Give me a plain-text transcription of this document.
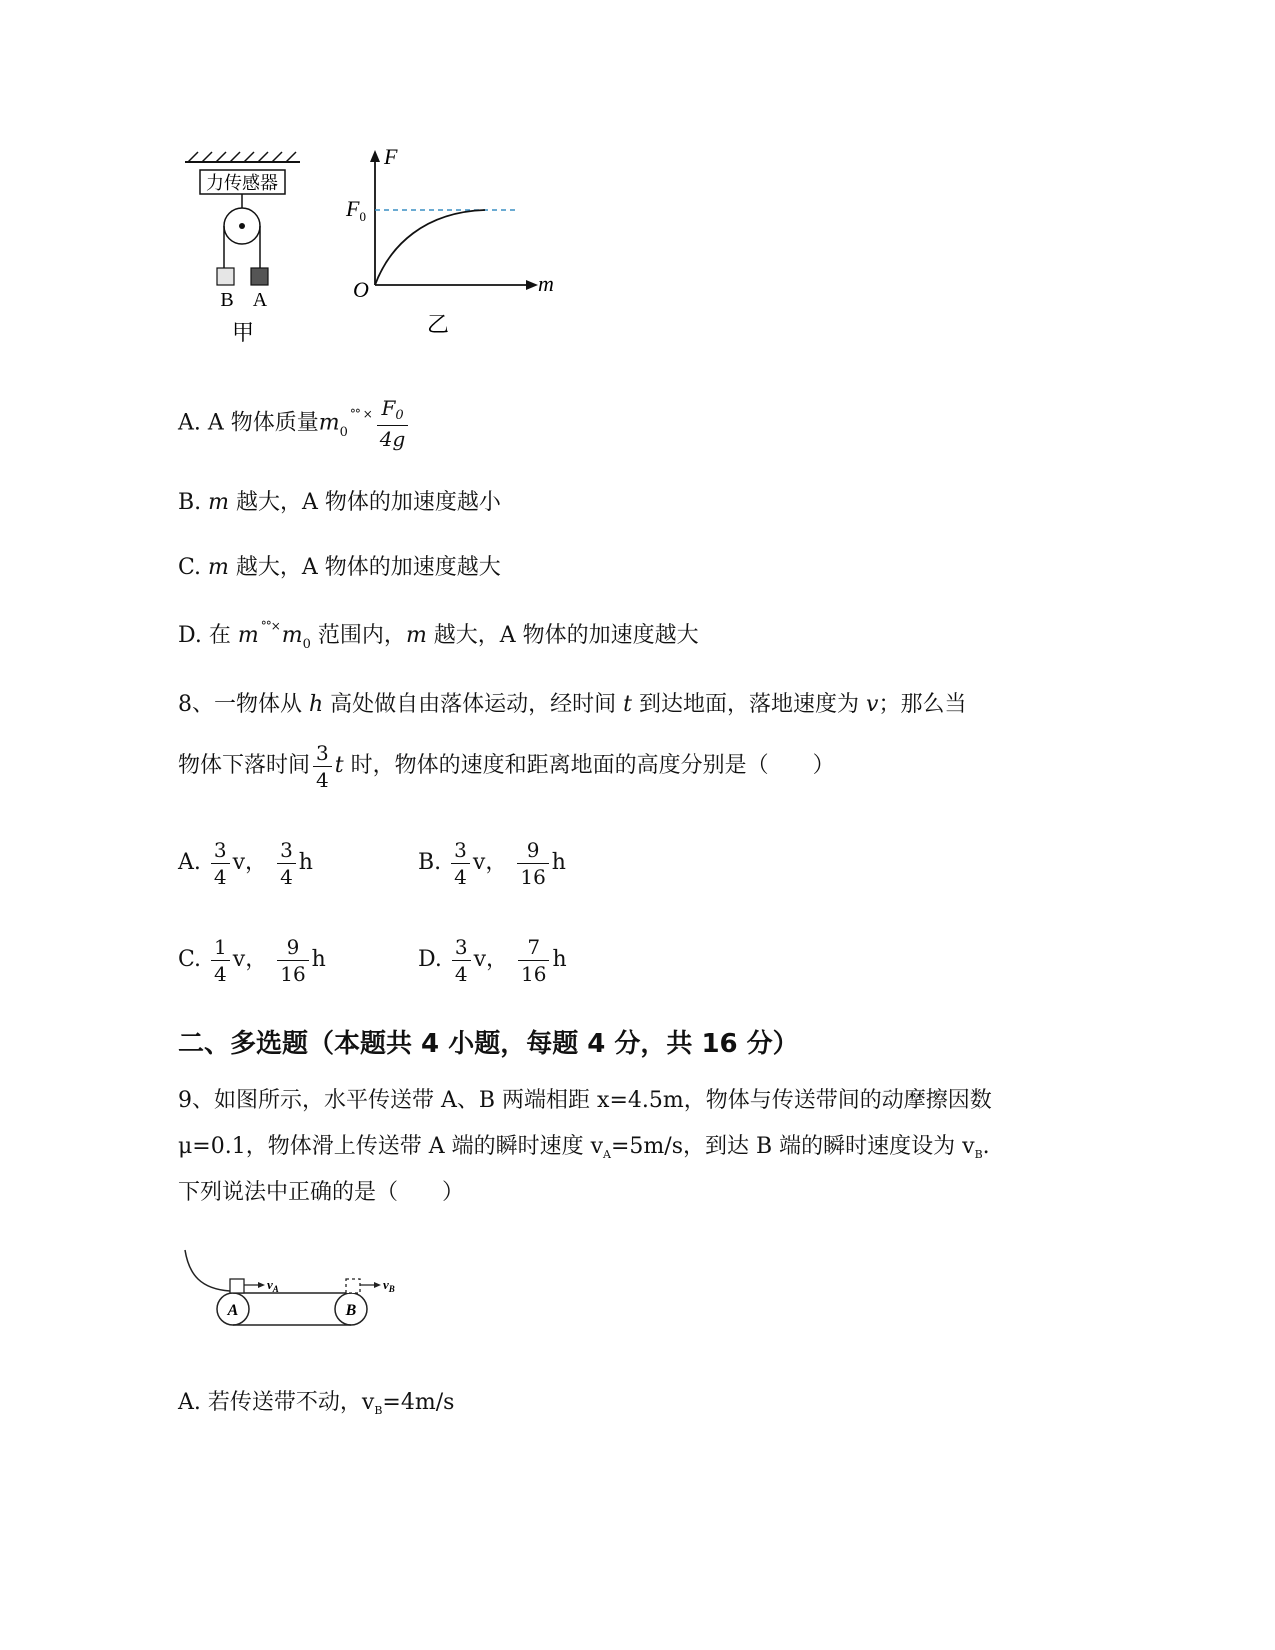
力传感器
B A
甲
F
m
O
$F_0$
乙
A. A 物体质量$m_0^{^\circ^\circ \times} \frac{F_0}{4g}$
B. m 越大，A 物体的加速度越小
C. m 越大，A 物体的加速度越大
D. 在 m $^{^\circ^\circ\times}m_0$ 范围内，m 越大，A 物体的加速度越大
8、一物体从 h 高处做自由落体运动，经时间 t 到达地面，落地速度为 v；那么当
物体下落时间 $\frac{3}{4}$ t 时，物体的速度和距离地面的高度分别是（　　）
A. $\frac{3}{4}$ v， $\frac{3}{4}$ h	B. $\frac{3}{4}$ v， $\frac{9}{16}$ h
C. $\frac{1}{4}$ v， $\frac{9}{16}$ h	D. $\frac{3}{4}$ v， $\frac{7}{16}$ h
二、多选题（本题共 4 小题，每题 4 分，共 16 分）
9、如图所示，水平传送带 A、B 两端相距 x=4.5m，物体与传送带间的动摩擦因数
μ=0.1，物体滑上传送带 A 端的瞬时速度 $v_A=5m/s$，到达 B 端的瞬时速度设为 $v_B$.
下列说法中正确的是（　　）
A	B
$v_A$	$v_B$
A. 若传送带不动，$v_B=4m/s$
